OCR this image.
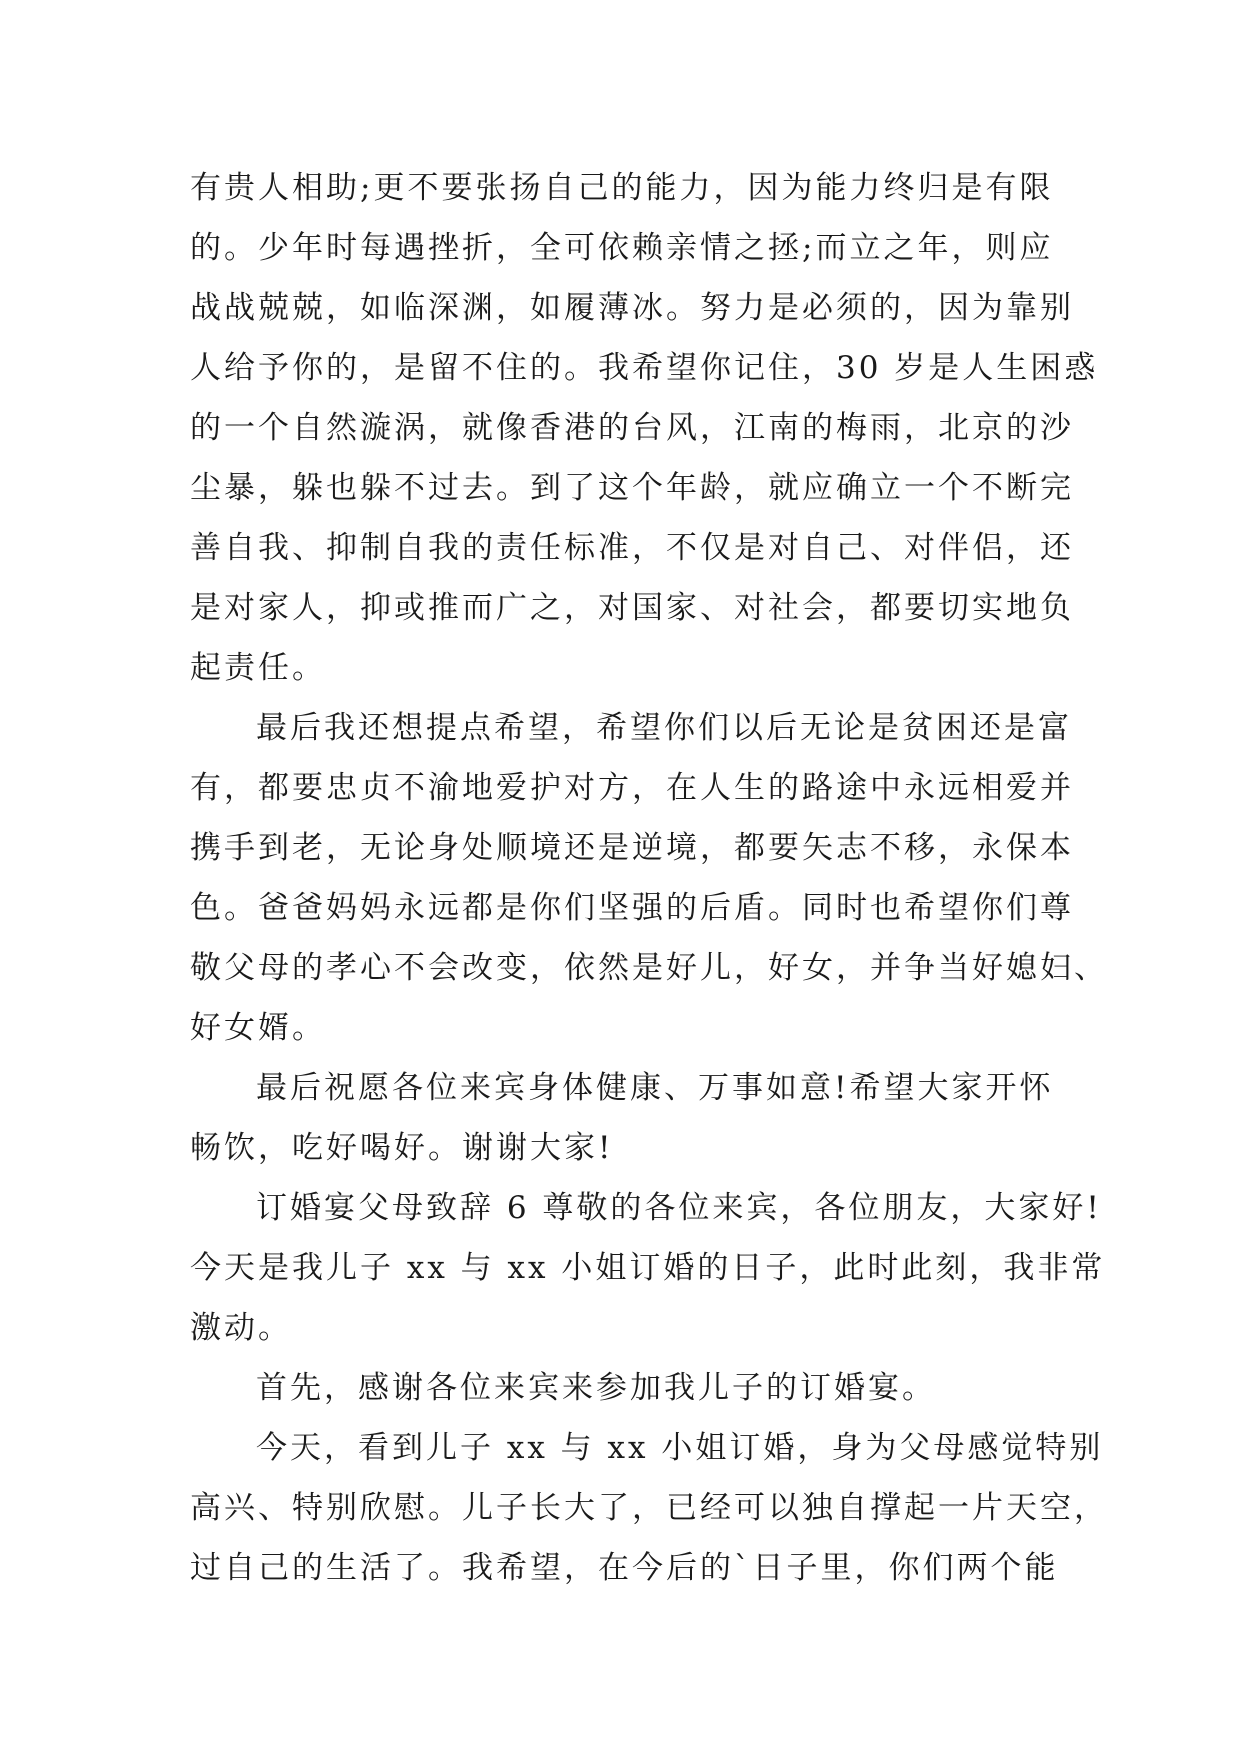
有贵人相助;更不要张扬自己的能力，因为能力终归是有限
的。少年时每遇挫折，全可依赖亲情之拯;而立之年，则应
战战兢兢，如临深渊，如履薄冰。努力是必须的，因为靠别
人给予你的，是留不住的。我希望你记住，30 岁是人生困惑
的一个自然漩涡，就像香港的台风，江南的梅雨，北京的沙
尘暴，躲也躲不过去。到了这个年龄，就应确立一个不断完
善自我、抑制自我的责任标准，不仅是对自己、对伴侣，还
是对家人，抑或推而广之，对国家、对社会，都要切实地负
起责任。
最后我还想提点希望，希望你们以后无论是贫困还是富
有，都要忠贞不渝地爱护对方，在人生的路途中永远相爱并
携手到老，无论身处顺境还是逆境，都要矢志不移，永保本
色。爸爸妈妈永远都是你们坚强的后盾。同时也希望你们尊
敬父母的孝心不会改变，依然是好儿，好女，并争当好媳妇、
好女婿。
最后祝愿各位来宾身体健康、万事如意!希望大家开怀
畅饮，吃好喝好。谢谢大家!
订婚宴父母致辞 6 尊敬的各位来宾，各位朋友，大家好!
今天是我儿子 xx 与 xx 小姐订婚的日子，此时此刻，我非常
激动。
首先，感谢各位来宾来参加我儿子的订婚宴。
今天，看到儿子 xx 与 xx 小姐订婚，身为父母感觉特别
高兴、特别欣慰。儿子长大了，已经可以独自撑起一片天空，
过自己的生活了。我希望，在今后的`日子里，你们两个能
